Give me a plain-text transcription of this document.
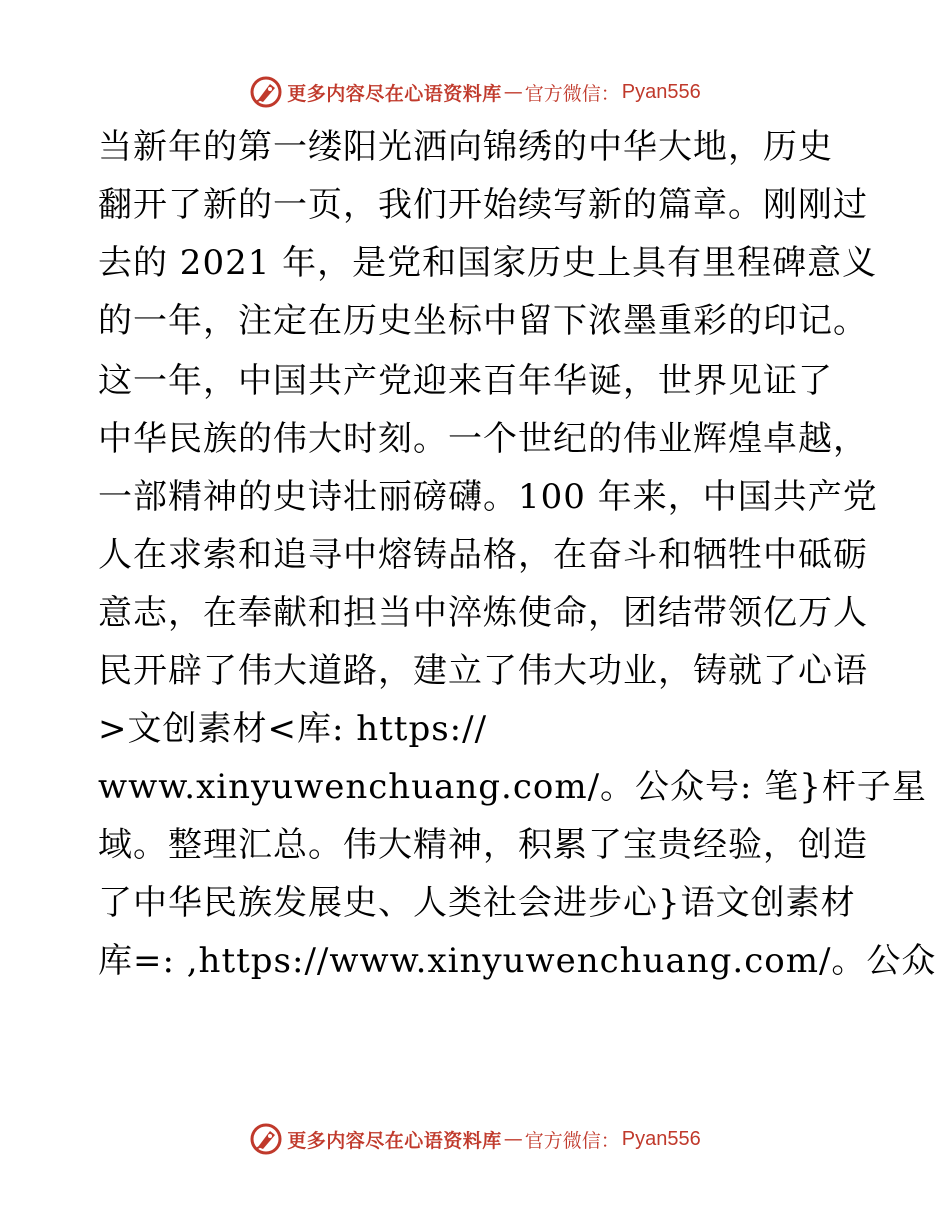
更多内容尽在心语资料库 — 官方微信： Pyan556
当新年的第一缕阳光洒向锦绣的中华大地，历史
翻开了新的一页，我们开始续写新的篇章。刚刚过
去的 2021 年，是党和国家历史上具有里程碑意义
的一年，注定在历史坐标中留下浓墨重彩的印记。
这一年，中国共产党迎来百年华诞，世界见证了
中华民族的伟大时刻。一个世纪的伟业辉煌卓越，
一部精神的史诗壮丽磅礴。100 年来，中国共产党
人在求索和追寻中熔铸品格，在奋斗和牺牲中砥砺
意志，在奉献和担当中淬炼使命，团结带领亿万人
民开辟了伟大道路，建立了伟大功业，铸就了心语
>文创素材<库: https://
www.xinyuwenchuang.com/。公众号: 笔}杆子星
域。整理汇总。伟大精神，积累了宝贵经验，创造
了中华民族发展史、人类社会进步心}语文创素材
库=: ,https://www.xinyuwenchuang.com/。公众
更多内容尽在心语资料库 — 官方微信： Pyan556
